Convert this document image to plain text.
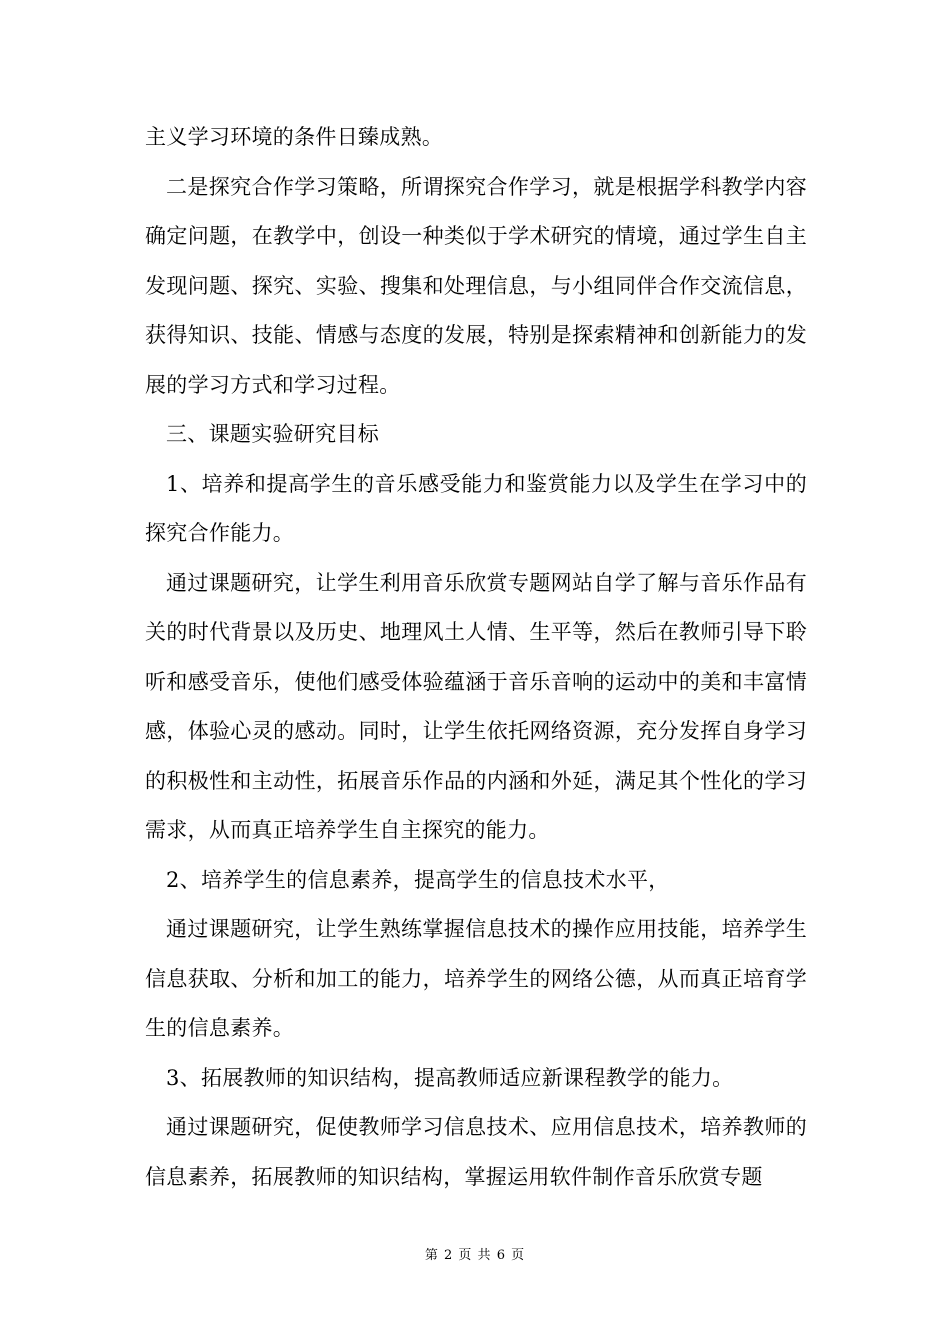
主义学习环境的条件日臻成熟。

二是探究合作学习策略，所谓探究合作学习，就是根据学科教学内容确定问题，在教学中，创设一种类似于学术研究的情境，通过学生自主发现问题、探究、实验、搜集和处理信息，与小组同伴合作交流信息，获得知识、技能、情感与态度的发展，特别是探索精神和创新能力的发展的学习方式和学习过程。

三、课题实验研究目标

1、培养和提高学生的音乐感受能力和鉴赏能力以及学生在学习中的探究合作能力。

通过课题研究，让学生利用音乐欣赏专题网站自学了解与音乐作品有关的时代背景以及历史、地理风土人情、生平等，然后在教师引导下聆听和感受音乐，使他们感受体验蕴涵于音乐音响的运动中的美和丰富情感，体验心灵的感动。同时，让学生依托网络资源，充分发挥自身学习的积极性和主动性，拓展音乐作品的内涵和外延，满足其个性化的学习需求，从而真正培养学生自主探究的能力。

2、培养学生的信息素养，提高学生的信息技术水平，

通过课题研究，让学生熟练掌握信息技术的操作应用技能，培养学生信息获取、分析和加工的能力，培养学生的网络公德，从而真正培育学生的信息素养。

3、拓展教师的知识结构，提高教师适应新课程教学的能力。

通过课题研究，促使教师学习信息技术、应用信息技术，培养教师的信息素养，拓展教师的知识结构，掌握运用软件制作音乐欣赏专题

第 2 页 共 6 页
